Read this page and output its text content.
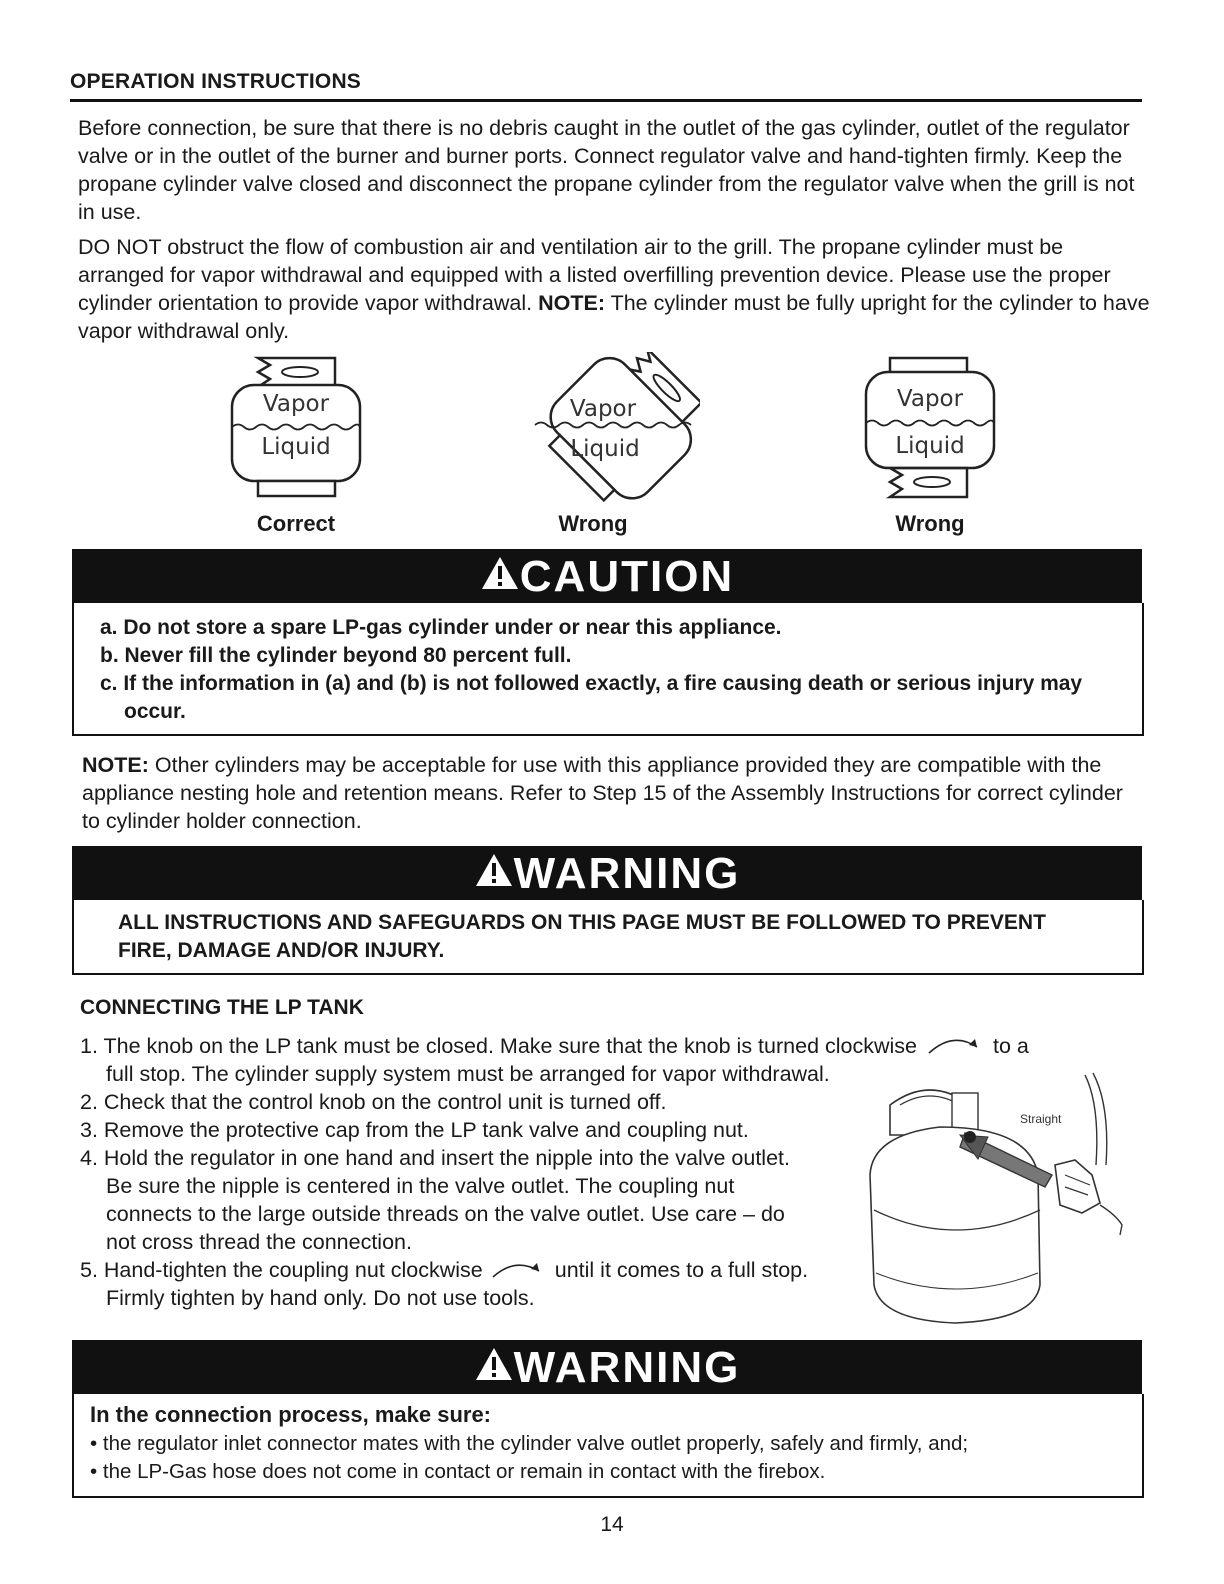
OPERATION INSTRUCTIONS
Before connection, be sure that there is no debris caught in the outlet of the gas cylinder, outlet of the regulator valve or in the outlet of the burner and burner ports. Connect regulator valve and hand-tighten firmly. Keep the propane cylinder valve closed and disconnect the propane cylinder from the regulator valve when the grill is not in use.
DO NOT obstruct the flow of combustion air and ventilation air to the grill. The propane cylinder must be arranged for vapor withdrawal and equipped with a listed overfilling prevention device. Please use the proper cylinder orientation to provide vapor withdrawal. NOTE: The cylinder must be fully upright for the cylinder to have vapor withdrawal only.
Vapor
Liquid
Vapor
Liquid
Vapor
Liquid
Correct	Wrong	Wrong
CAUTION
a. Do not store a spare LP-gas cylinder under or near this appliance.
b. Never fill the cylinder beyond 80 percent full.
c. If the information in (a) and (b) is not followed exactly, a fire causing death or serious injury may occur.
NOTE: Other cylinders may be acceptable for use with this appliance provided they are compatible with the appliance nesting hole and retention means. Refer to Step 15 of the Assembly Instructions for correct cylinder to cylinder holder connection.
WARNING
ALL INSTRUCTIONS AND SAFEGUARDS ON THIS PAGE MUST BE FOLLOWED TO PREVENT FIRE, DAMAGE AND/OR INJURY.
CONNECTING THE LP TANK
1. The knob on the LP tank must be closed. Make sure that the knob is turned clockwise	to a
full stop. The cylinder supply system must be arranged for vapor withdrawal.
2. Check that the control knob on the control unit is turned off.
3. Remove the protective cap from the LP tank valve and coupling nut.
4. Hold the regulator in one hand and insert the nipple into the valve outlet. Be sure the nipple is centered in the valve outlet. The coupling nut connects to the large outside threads on the valve outlet. Use care – do not cross thread the connection.
5. Hand-tighten the coupling nut clockwise	until it comes to a full stop. Firmly tighten by hand only. Do not use tools.
Straight
WARNING
In the connection process, make sure:
• the regulator inlet connector mates with the cylinder valve outlet properly, safely and firmly, and;
• the LP-Gas hose does not come in contact or remain in contact with the firebox.
14
